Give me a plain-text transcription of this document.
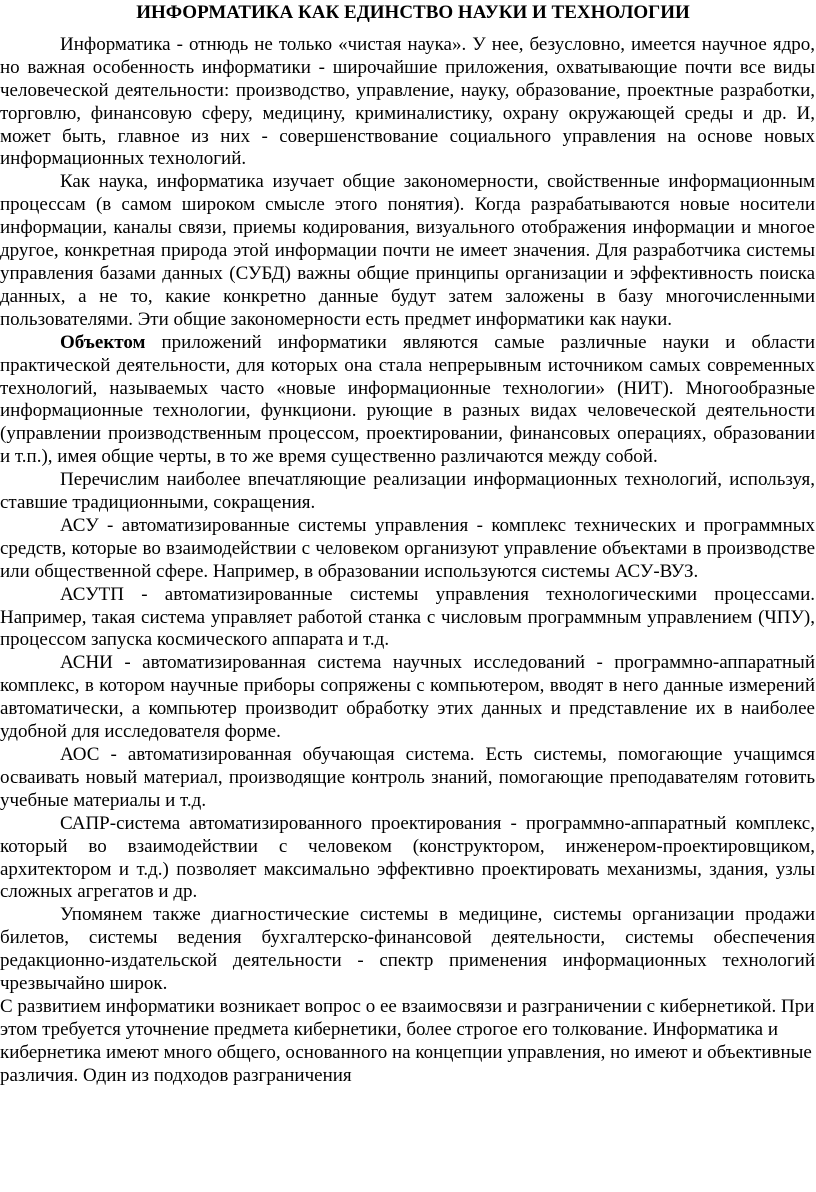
ИНФОРМАТИКА КАК ЕДИНСТВО НАУКИ И ТЕХНОЛОГИИ

Информатика - отнюдь не только «чистая наука». У нее, безусловно, имеется научное ядро, но важная особенность информатики - широчайшие приложения, охватывающие почти все виды человеческой деятельности: производство, управление, науку, образование, проектные разработки, торговлю, финансовую сферу, медицину, криминалистику, охрану окружающей среды и др. И, может быть, главное из них - совершенствование социального управления на основе новых информационных технологий.

Как наука, информатика изучает общие закономерности, свойственные информационным процессам (в самом широком смысле этого понятия). Когда разрабатываются новые носители информации, каналы связи, приемы кодирования, визуального отображения информации и многое другое, конкретная природа этой информации почти не имеет значения. Для разработчика системы управления базами данных (СУБД) важны общие принципы организации и эффективность поиска данных, а не то, какие конкретно данные будут затем заложены в базу многочисленными пользователями. Эти общие закономерности есть предмет информатики как науки.

Объектом приложений информатики являются самые различные науки и области практической деятельности, для которых она стала непрерывным источником самых современных технологий, называемых часто «новые информационные технологии» (НИТ). Многообразные информационные технологии, функциони. рующие в разных видах человеческой деятельности (управлении производственным процессом, проектировании, финансовых операциях, образовании и т.п.), имея общие черты, в то же время существенно различаются между собой.

Перечислим наиболее впечатляющие реализации информационных технологий, используя, ставшие традиционными, сокращения.

АСУ - автоматизированные системы управления - комплекс технических и программных средств, которые во взаимодействии с человеком организуют управление объектами в производстве или общественной сфере. Например, в образовании используются системы АСУ-ВУЗ.

АСУТП - автоматизированные системы управления технологическими процессами. Например, такая система управляет работой станка с числовым программным управлением (ЧПУ), процессом запуска космического аппарата и т.д.

АСНИ - автоматизированная система научных исследований - программно-аппаратный комплекс, в котором научные приборы сопряжены с компьютером, вводят в него данные измерений автоматически, а компьютер производит обработку этих данных и представление их в наиболее удобной для исследователя форме.

АОС - автоматизированная обучающая система. Есть системы, помогающие учащимся осваивать новый материал, производящие контроль знаний, помогающие преподавателям готовить учебные материалы и т.д.

САПР-система автоматизированного проектирования - программно-аппаратный комплекс, который во взаимодействии с человеком (конструктором, инженером-проектировщиком, архитектором и т.д.) позволяет максимально эффективно проектировать механизмы, здания, узлы сложных агрегатов и др.

Упомянем также диагностические системы в медицине, системы организации продажи билетов, системы ведения бухгалтерско-финансовой деятельности, системы обеспечения редакционно-издательской деятельности - спектр применения информационных технологий чрезвычайно широк.

С развитием информатики возникает вопрос о ее взаимосвязи и разграничении с кибернетикой. При этом требуется уточнение предмета кибернетики, более строгое его толкование. Информатика и кибернетика имеют много общего, основанного на концепции управления, но имеют и объективные различия. Один из подходов разграничения
